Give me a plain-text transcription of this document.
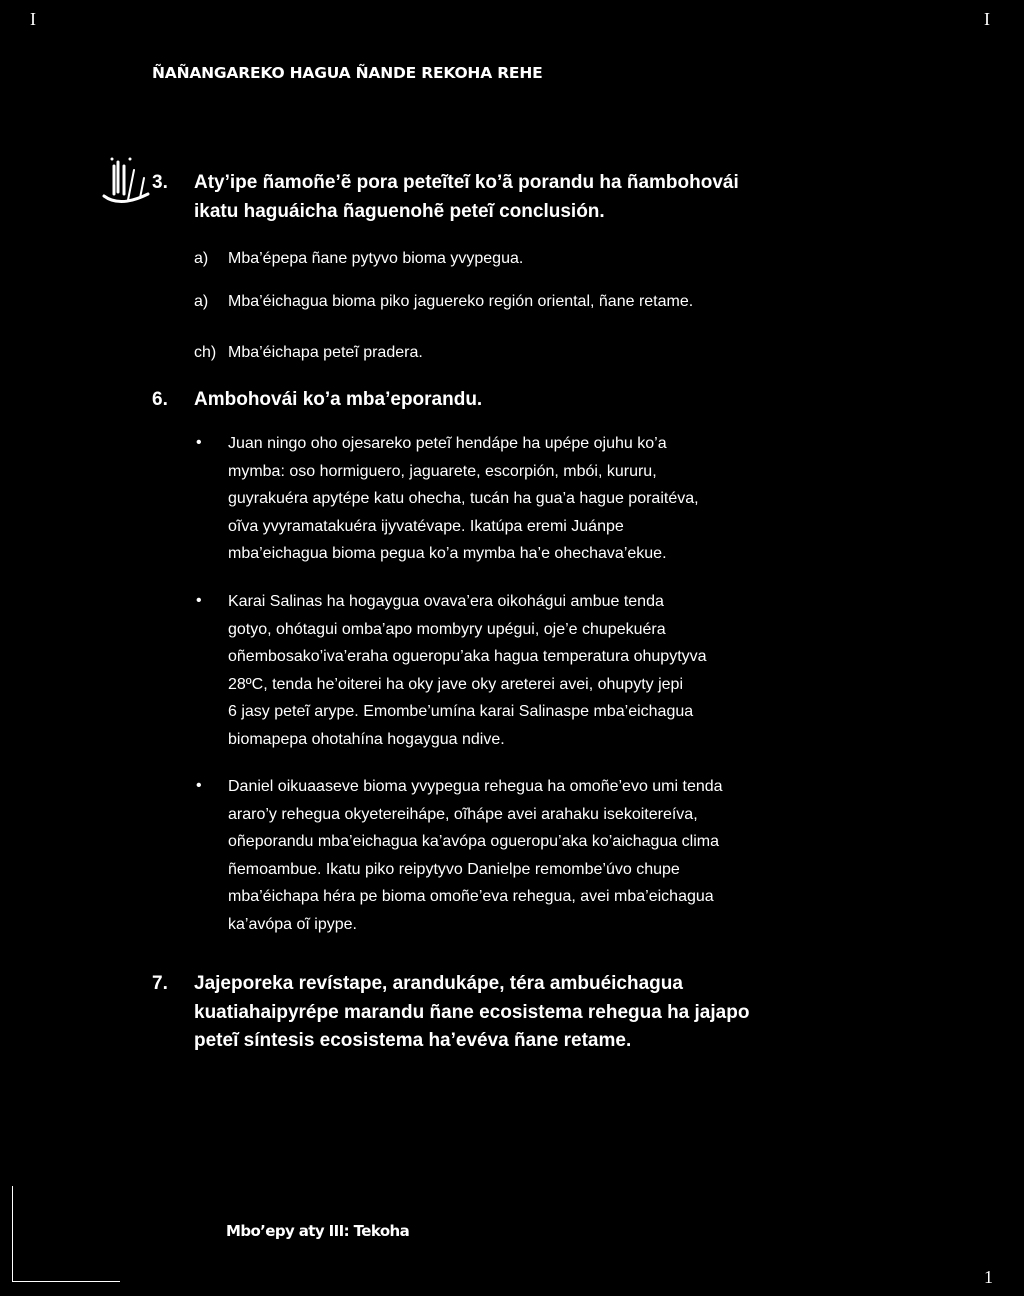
I	I
1
ÑAÑANGAREKO HAGUA ÑANDE REKOHA REHE
3. Aty’ipe ñamoñe’ẽ pora peteĩteĩ ko’ã porandu ha ñambohovái
ikatu haguáicha ñaguenohẽ peteĩ conclusión.
a) Mba’épepa ñane pytyvo bioma yvypegua.
a) Mba’éichagua bioma piko jaguereko región oriental, ñane retame.
ch) Mba’éichapa peteĩ pradera.
6. Ambohovái ko’a mba’eporandu.
• Juan ningo oho ojesareko peteĩ hendápe ha upépe ojuhu ko’a
mymba: oso hormiguero, jaguarete, escorpión, mbói, kururu,
guyrakuéra apytépe katu ohecha, tucán ha gua’a hague poraitéva,
oĩva yvyramatakuéra ijyvatévape. Ikatúpa eremi Juánpe
mba’eichagua bioma pegua ko’a mymba ha’e ohechava’ekue.
• Karai Salinas ha hogaygua ovava’era oikohágui ambue tenda
gotyo, ohótagui omba’apo mombyry upégui, oje’e chupekuéra
oñembosako’iva’eraha ogueropu’aka hagua temperatura ohupytyva
28ºC, tenda he’oiterei ha oky jave oky areterei avei, ohupyty jepi
6 jasy peteĩ arype. Emombe’umína karai Salinaspe mba’eichagua
biomapepa ohotahína hogaygua ndive.
• Daniel oikuaaseve bioma yvypegua rehegua ha omoñe’evo umi tenda
araro’y rehegua okyetereiháре, oĩhápe avei arahaku isekoitereíva,
oñeporandu mba’eichagua ka’avópa ogueropu’aka ko’aichagua clima
ñemoambue. Ikatu piko reipytyvo Danielpe remombe’úvo chupe
mba’éichapa héra pe bioma omoñe’eva rehegua, avei mba’eichagua
ka’avópa oĩ ipype.
7. Jajeporeka revístape, arandukápe, téra ambuéichagua
kuatiahaipyrépe marandu ñane ecosistema rehegua ha jajapo
peteĩ síntesis ecosistema ha’evéva ñane retame.
Mbo’epy aty III: Tekoha
